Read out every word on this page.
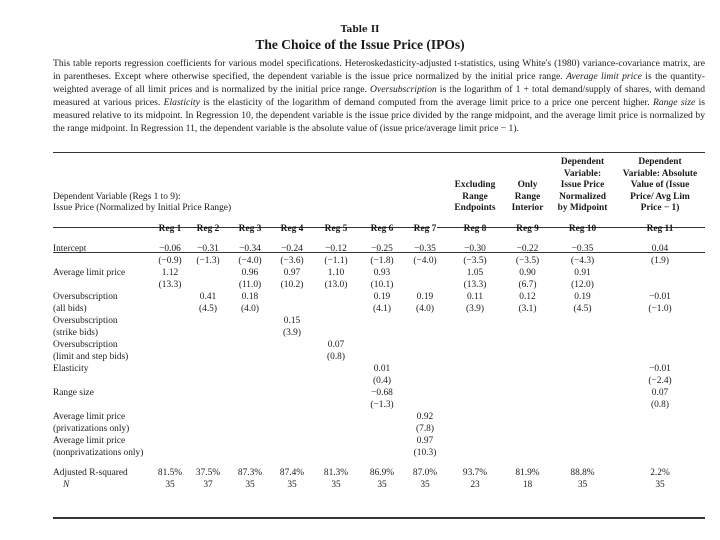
Table II
The Choice of the Issue Price (IPOs)
This table reports regression coefficients for various model specifications. Heteroskedasticity-adjusted t-statistics, using White's (1980) variance-covariance matrix, are in parentheses. Except where otherwise specified, the dependent variable is the issue price normalized by the initial price range. Average limit price is the quantity-weighted average of all limit prices and is normalized by the initial price range. Oversubscription is the logarithm of 1 + total demand/supply of shares, with demand measured at various prices. Elasticity is the elasticity of the logarithm of demand computed from the average limit price to a price one percent higher. Range size is measured relative to its midpoint. In Regression 10, the dependent variable is the issue price divided by the range midpoint, and the average limit price is normalized by the range midpoint. In Regression 11, the dependent variable is the absolute value of (issue price/average limit price − 1).
Dependent Variable (Regs 1 to 9):
Issue Price (Normalized by Initial Price Range)								Excluding Range Endpoints	Only Range Interior	Dependent Variable: Issue Price Normalized by Midpoint	Dependent Variable: Absolute Value of (Issue Price/ Avg Lim Price − 1)
	Reg 1	Reg 2	Reg 3	Reg 4	Reg 5	Reg 6	Reg 7	Reg 8	Reg 9	Reg 10	Reg 11
Intercept	−0.06	−0.31	−0.34	−0.24	−0.12	−0.25	−0.35	−0.30	−0.22	−0.35	0.04
	(−0.9)	(−1.3)	(−4.0)	(−3.6)	(−1.1)	(−1.8)	(−4.0)	(−3.5)	(−3.5)	(−4.3)	(1.9)
Average limit price	1.12		0.96	0.97	1.10	0.93		1.05	0.90	0.91	
	(13.3)		(11.0)	(10.2)	(13.0)	(10.1)		(13.3)	(6.7)	(12.0)	
Oversubscription		0.41	0.18			0.19	0.19	0.11	0.12	0.19	−0.01
(all bids)		(4.5)	(4.0)			(4.1)	(4.0)	(3.9)	(3.1)	(4.5)	(−1.0)
Oversubscription				0.15							
(strike bids)				(3.9)							
Oversubscription					0.07						
(limit and step bids)					(0.8)						
Elasticity						0.01					−0.01
						(0.4)					(−2.4)
Range size						−0.68					0.07
						(−1.3)					(0.8)
Average limit price							0.92				
(privatizations only)							(7.8)				
Average limit price							0.97				
(nonprivatizations only)							(10.3)				

Adjusted R-squared	81.5%	37.5%	87.3%	87.4%	81.3%	86.9%	87.0%	93.7%	81.9%	88.8%	2.2%
N	35	37	35	35	35	35	35	23	18	35	35
